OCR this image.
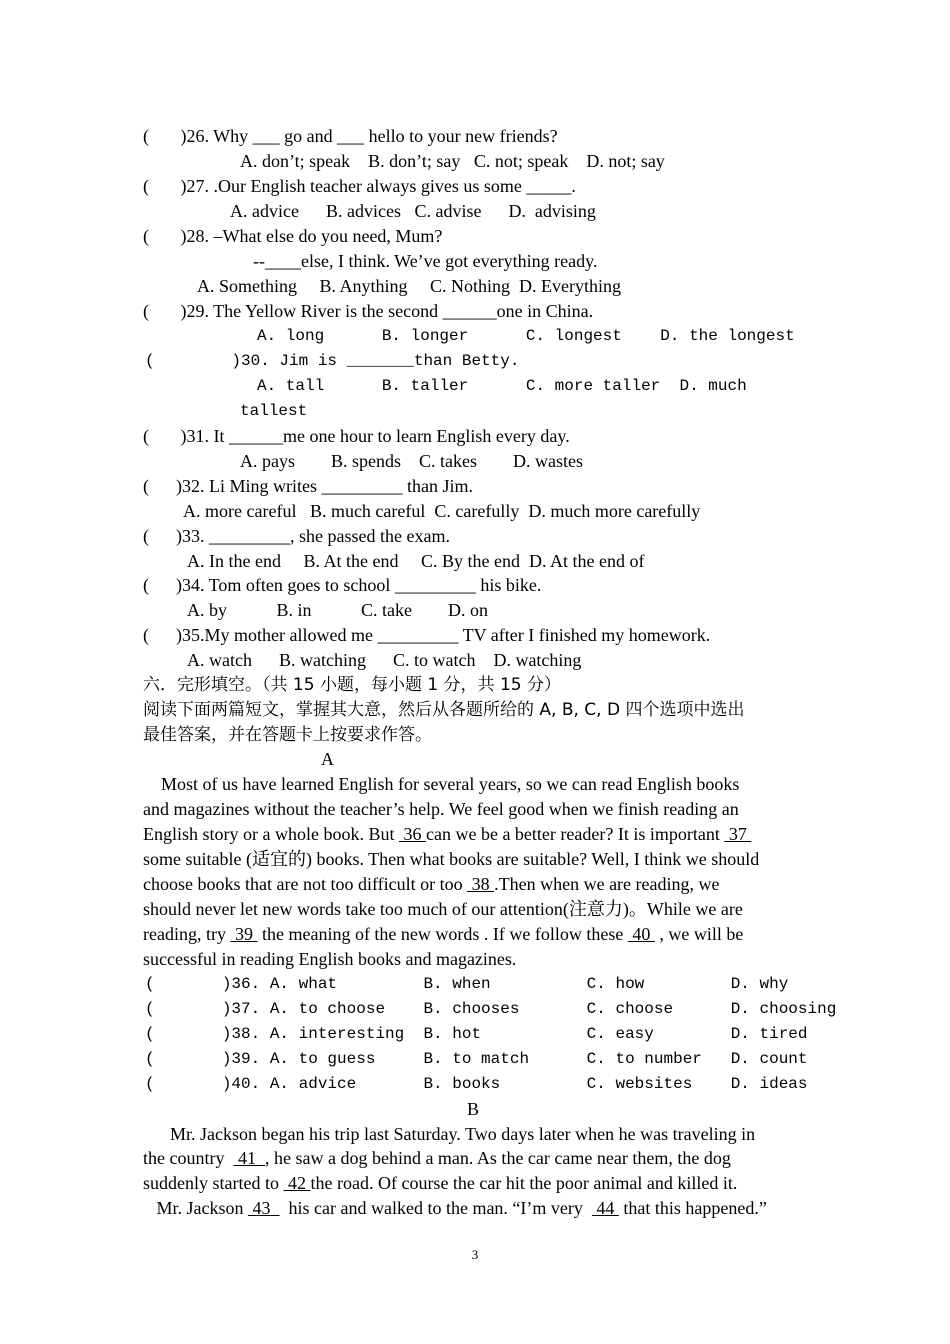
(       )26. Why ___ go and ___ hello to your new friends?
A. don’t; speak    B. don’t; say   C. not; speak    D. not; say
(       )27. .Our English teacher always gives us some _____.
A. advice      B. advices   C. advise      D.  advising
(       )28. –What else do you need, Mum?
--____else, I think. We’ve got everything ready.
A. Something     B. Anything     C. Nothing  D. Everything
(       )29. The Yellow River is the second ______one in China.
A. long      B. longer      C. longest    D. the longest
(        )30. Jim is _______than Betty.
A. tall      B. taller      C. more taller  D. much
tallest
(       )31. It ______me one hour to learn English every day.
A. pays        B. spends    C. takes        D. wastes
(      )32. Li Ming writes _________ than Jim.
A. more careful   B. much careful  C. carefully  D. much more carefully
(      )33. _________, she passed the exam.
A. In the end     B. At the end     C. By the end  D. At the end of
(      )34. Tom often goes to school _________ his bike.
A. by           B. in           C. take        D. on
(      )35.My mother allowed me _________ TV after I finished my homework.
A. watch      B. watching      C. to watch    D. watching
六．完形填空。（共 15 小题，每小题 1 分，共 15 分）
阅读下面两篇短文，掌握其大意，然后从各题所给的 A, B, C, D 四个选项中选出
最佳答案，并在答题卡上按要求作答。
A
Most of us have learned English for several years, so we can read English books
and magazines without the teacher’s help. We feel good when we finish reading an
English story or a whole book. But  36 can we be a better reader? It is important  37
some suitable (适宜的) books. Then what books are suitable? Well, I think we should
choose books that are not too difficult or too  38 .Then when we are reading, we
should never let new words take too much of our attention(注意力)。While we are
reading, try  39  the meaning of the new words . If we follow these  40  , we will be
successful in reading English books and magazines.
(       )36. A. what         B. when          C. how         D. why
(       )37. A. to choose    B. chooses       C. choose      D. choosing
(       )38. A. interesting  B. hot           C. easy        D. tired
(       )39. A. to guess     B. to match      C. to number   D. count
(       )40. A. advice       B. books         C. websites    D. ideas
B
Mr. Jackson began his trip last Saturday. Two days later when he was traveling in
the country   41  , he saw a dog behind a man. As the car came near them, the dog
suddenly started to  42 the road. Of course the car hit the poor animal and killed it.
Mr. Jackson  43    his car and walked to the man. “I’m very   44  that this happened.”
3
